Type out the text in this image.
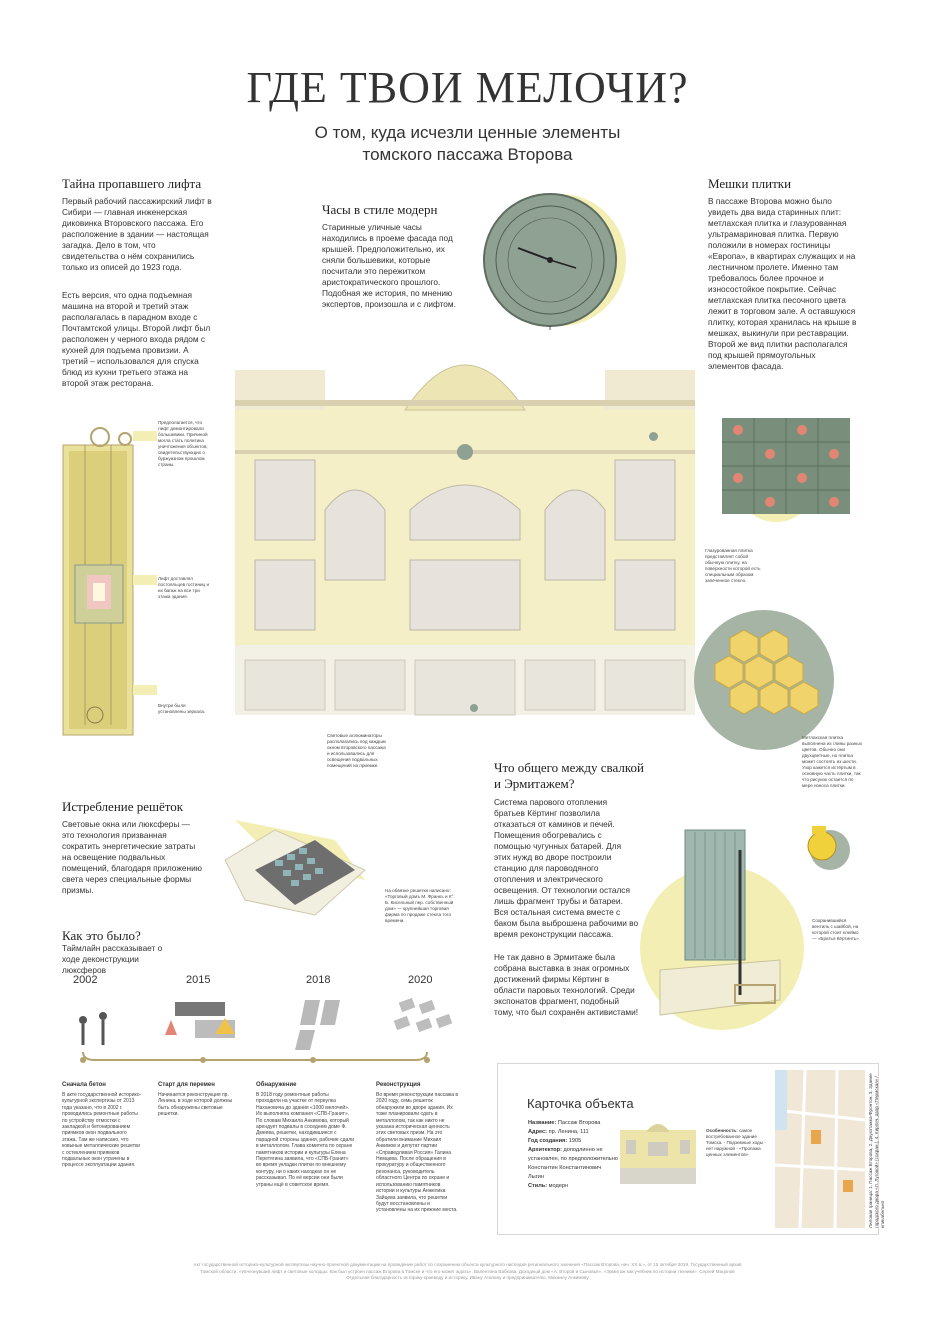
ГДЕ ТВОИ МЕЛОЧИ?
О том, куда исчезли ценные элементы
томского пассажа Второва
Тайна пропавшего лифта
Первый рабочий пассажирский лифт в Сибири — главная инженерская диковинка Второвского пассажа. Его расположение в здании — настоящая загадка. Дело в том, что свидетельства о нём сохранились только из описей до 1923 года.
Есть версия, что одна подъемная машина на второй и третий этаж располагалась в парадном входе с Почтамтской улицы. Второй лифт был расположен у черного входа рядом с кухней для подъема провизии. А третий – использовался для спуска блюд из кухни третьего этажа на второй этаж ресторана.
Предполагается, что лифт демонтировали большевики. Причиной могла стать политика уничтожения объектов, свидетельствующих о буржуазном прошлом страны.
Лифт доставлял постояльцев гостиниц и их багаж на все три этажа здания.
Внутри были установлены зеркала.
Часы в стиле модерн
Старинные уличные часы находились в проеме фасада под крышей. Предположительно, их сняли большевики, которые посчитали это пережитком аристократического прошлого. Подобная же история, по мнению экспертов, произошла и с лифтом.
Мешки плитки
В пассаже Второва можно было увидеть два вида старинных плит: метлахская плитка и глазурованная ультрамариновая плитка. Первую положили в номерах гостиницы «Европа», в квартирах служащих и на лестничном пролете. Именно там требовалось более прочное и износостойкое покрытие. Сейчас метлахская плитка песочного цвета лежит в торговом зале. А оставшуюся плитку, которая хранилась на крыше в мешках, выкинули при реставрации. Второй же вид плитки располагался под крышей прямоугольных элементов фасада.
Глазурованная плитка представляет собой обычную плитку, на поверхности которой есть специальным образом запеченное стекло.
Метлахская плитка выполнена из глины разных цветов. Обычно они двухцветные, но плитка может состоять из шести. Узор кажется истёртым в основную часть плитки, так что рисунок остается по мере износа плитки.
Световые аллюминаторы располагались под каждым окном второвского пассажа и использовались для освещения подвальных помещений на приемке.
Истребление решёток
Световые окна или люксферы — это технология призванная сократить энергетические затраты на освещение подвальных помещений, благодаря приложению света через специальные формы призмы.	На обвязке решетки написано: «Торговый домъ М. Франкъ и К°. Б. Кисельный пер. собственный дом» — крупнейшая торговая фирма по продаже стекла того времени.
Как это было?
Таймлайн рассказывает о ходе деконструкции люксферов
2002	2015	2018	2020
пр. Ленина
Сначала бетон
В акте государственной историко-культурной экспертизы от 2013 года указано, что в 2002 г. проводились ремонтные работы по устройству отмостки с закладкой и бетонированием приямков окон подвального этажа. Там же написано, что ковыные металлические решетки с остеклением приямков подвальных окон утрачены в процессе эксплуатации здания.
Старт для перемен
Начинается реконструкция пр. Ленина, в ходе которой должны быть обнаружены световые решетки.
Обнаружение
В 2018 году ремонтные работы проходили на участке от переулка Нахановича до здания «1000 мелочей». Их выполняла компания «СПБ-Гранит». По словам Михаила Анкимова, который арендует подвалы в соседнем доме Ф. Дмеева, решетки, находившиеся с парадной стороны здания, рабочие сдали в металлолом. Глава комитета по охране памятников истории и культуры Елена Перетягина заявила, что «СПБ-Гранит» во время укладки плитки по внешнему контуру, ни о каких находках он не рассказывал. По её версии они были утраны ещё в советское время.
Реконструкция
Во время реконструкции пассажа в 2020 году, семь решеток обнаружили во дворе здания. Их тоже планировали сдать в металлолом, так как никто не указана историческая ценность этих световых призм. На это обратили внимание Михаил Анкимов и депутат партии «Справедливая Россия» Галина Немцева. После обращения в прокуратуру и общественного резонанса, руководитель областного Центра по охране и использованию памятников истории и культуры Анжелика Зайцева заявила, что решетки будут восстановлены и установлены на их прежние места.
Что общего между свалкой
и Эрмитажем?
Система парового отопления братьев Кёртинг позволила отказаться от каминов и печей. Помещения обогревались с помощью чугунных батарей. Для этих нужд во дворе построили станцию для пароводяного отопления и электрического освещения. От технологии остался лишь фрагмент трубы и батареи. Вся остальная система вместе с баком была выброшена рабочими во время реконструкции пассажа.
Не так давно в Эрмитаже была собрана выставка в знак огромных достижений фирмы Кёртинг в области паровых технологий. Среди экспонатов фрагмент, подобный тому, что был сохранён активистами!
Сохранившийся вентиль с шайбой, на которой стоит клеймо — «Братья Кёртингъ».
Карточка объекта
Название: Пассаж Второва
Адрес: пр. Ленина, 111
Год создания: 1905
Архитектор: доподлинно не установлен, по предположительно Константин Константинович Лыгин
Стиль: модерн
Особенность: самое востребованное здание Томска. - Подземные ходы - нет наружной - «Пропажа ценных элементов»	Лиловая граница: 1. Пассаж Второва, 2. Двухэтажка-Фронтон, 3. Здание городского двора «Л. Луговой» (сохран.), 4. Кирпич. двор «Пермская» / кликабельно
Акт государственной историко-культурной экспертизы научно-проектной документации на проведение работ по сохранению объекта культурного наследия регионального значения «Пассаж Второва, нач. XX в.», от 15 октября 2019. Государственный архив
Томской области. «Исчезнувший лифт и световые колодцы: Как был устроен пассаж Второва в Томске и что его может ждать». Валентина Бабкова. Доходный дом «А. Второв и Сыновья». «Эрмитаж как учебник по истории техники». Сергей Мацонов
Отдельная благодарность историку-краеведу и историку, Ивану Атапину и предпринимателю, Михаилу Анкимову
